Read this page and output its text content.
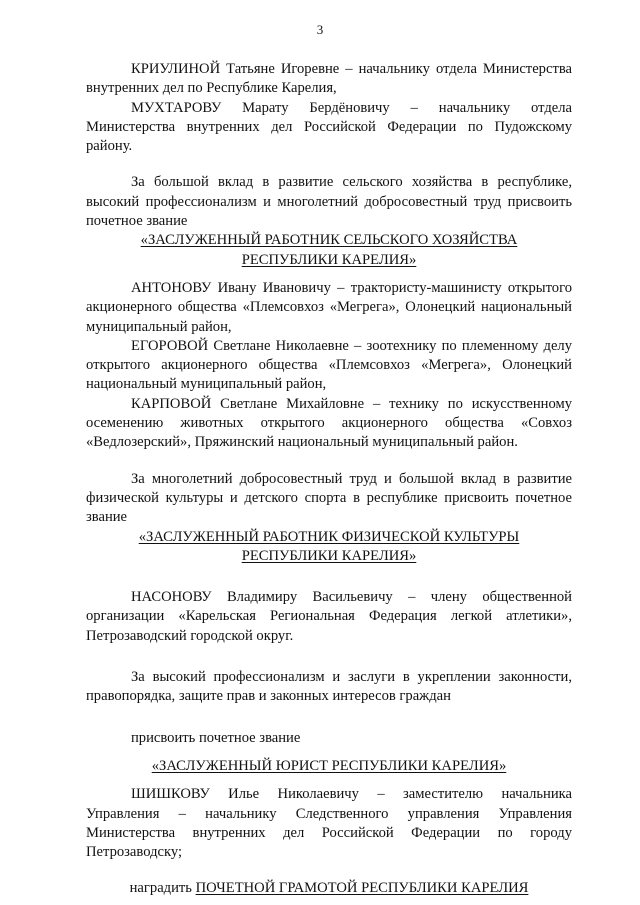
3

КРИУЛИНОЙ Татьяне Игоревне – начальнику отдела Министерства внутренних дел по Республике Карелия,

МУХТАРОВУ Марату Бердёновичу – начальнику отдела Министерства внутренних дел Российской Федерации по Пудожскому району.

За большой вклад в развитие сельского хозяйства в республике, высокий профессионализм и многолетний добросовестный труд присвоить почетное звание

«ЗАСЛУЖЕННЫЙ РАБОТНИК СЕЛЬСКОГО ХОЗЯЙСТВА
РЕСПУБЛИКИ КАРЕЛИЯ»

АНТОНОВУ Ивану Ивановичу – трактористу-машинисту открытого акционерного общества «Племсовхоз «Мегрега», Олонецкий национальный муниципальный район,

ЕГОРОВОЙ Светлане Николаевне – зоотехнику по племенному делу открытого акционерного общества «Племсовхоз «Мегрега», Олонецкий национальный муниципальный район,

КАРПОВОЙ Светлане Михайловне – технику по искусственному осеменению животных открытого акционерного общества «Совхоз «Ведлозерский», Пряжинский национальный муниципальный район.

За многолетний добросовестный труд и большой вклад в развитие физической культуры и детского спорта в республике присвоить почетное звание

«ЗАСЛУЖЕННЫЙ РАБОТНИК ФИЗИЧЕСКОЙ КУЛЬТУРЫ
РЕСПУБЛИКИ КАРЕЛИЯ»

НАСОНОВУ Владимиру Васильевичу – члену общественной организации «Карельская Региональная Федерация легкой атлетики», Петрозаводский городской округ.

За высокий профессионализм и заслуги в укреплении законности, правопорядка, защите прав и законных интересов граждан

присвоить почетное звание

«ЗАСЛУЖЕННЫЙ ЮРИСТ РЕСПУБЛИКИ КАРЕЛИЯ»

ШИШКОВУ Илье Николаевичу – заместителю начальника Управления – начальнику Следственного управления Управления Министерства внутренних дел Российской Федерации по городу Петрозаводску;

наградить ПОЧЕТНОЙ ГРАМОТОЙ РЕСПУБЛИКИ КАРЕЛИЯ
